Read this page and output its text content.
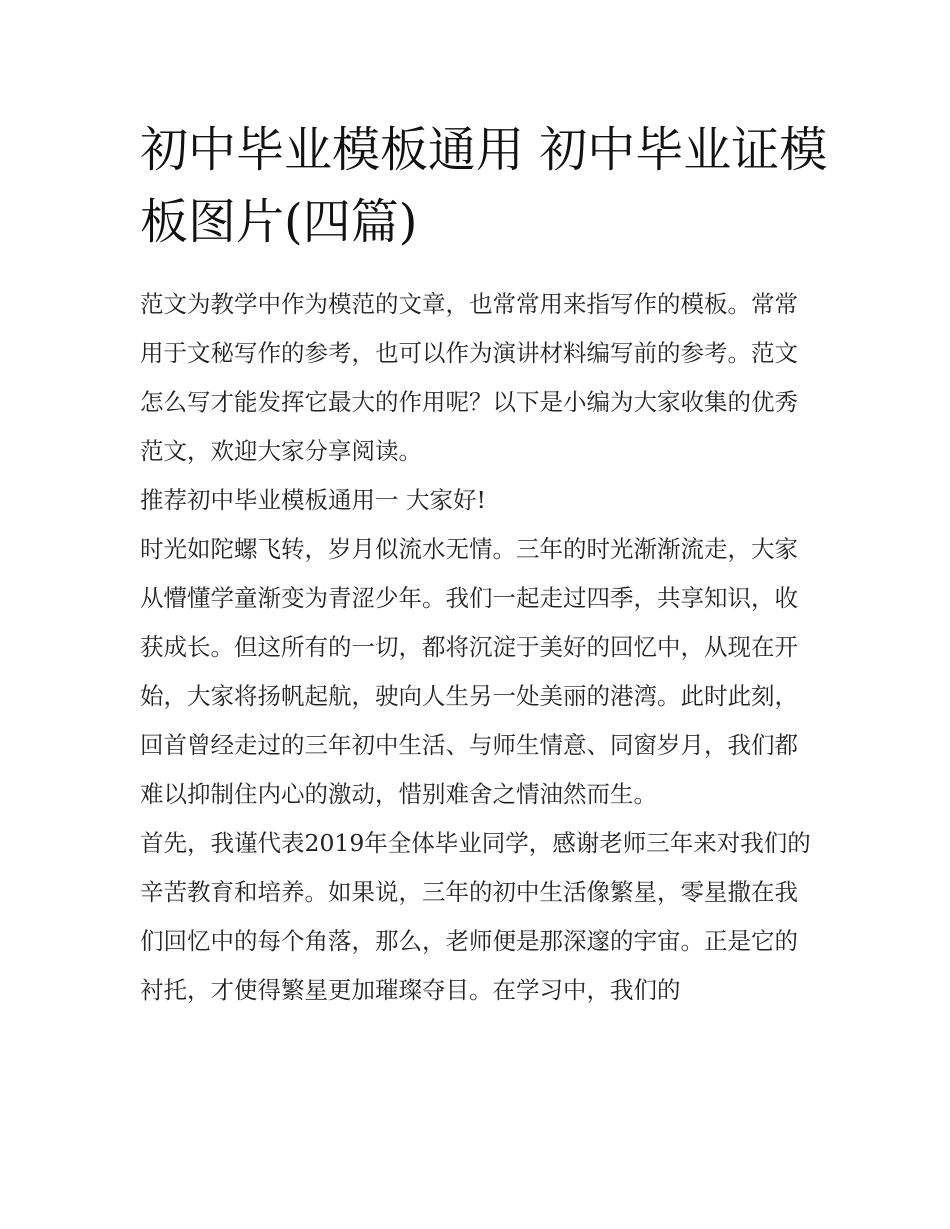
初中毕业模板通用 初中毕业证模板图片(四篇)

范文为教学中作为模范的文章，也常常用来指写作的模板。常常用于文秘写作的参考，也可以作为演讲材料编写前的参考。范文怎么写才能发挥它最大的作用呢？以下是小编为大家收集的优秀范文，欢迎大家分享阅读。

推荐初中毕业模板通用一 大家好!

时光如陀螺飞转，岁月似流水无情。三年的时光渐渐流走，大家从懵懂学童渐变为青涩少年。我们一起走过四季，共享知识，收获成长。但这所有的一切，都将沉淀于美好的回忆中，从现在开始，大家将扬帆起航，驶向人生另一处美丽的港湾。此时此刻，回首曾经走过的三年初中生活、与师生情意、同窗岁月，我们都难以抑制住内心的激动，惜别难舍之情油然而生。

首先，我谨代表2019年全体毕业同学，感谢老师三年来对我们的辛苦教育和培养。如果说，三年的初中生活像繁星，零星撒在我们回忆中的每个角落，那么，老师便是那深邃的宇宙。正是它的衬托，才使得繁星更加璀璨夺目。在学习中，我们的
